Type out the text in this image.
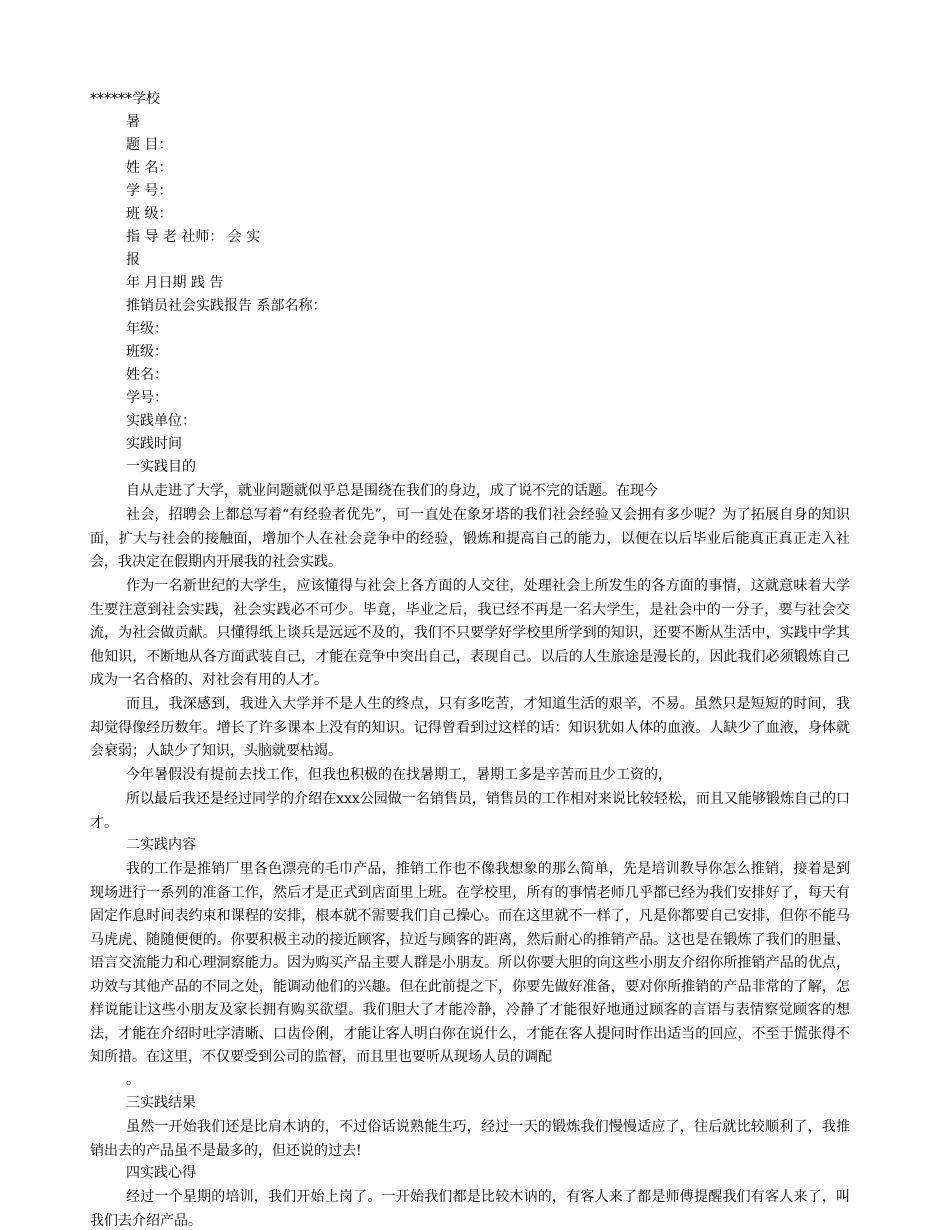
******学校
暑
题 目：
姓 名：
学 号：
班 级：
指 导 老 社师： 会 实
报
年 月日期 践 告
推销员社会实践报告 系部名称：
年级：
班级：
姓名：
学号：
实践单位：
实践时间
一实践目的

自从走进了大学，就业问题就似乎总是围绕在我们的身边，成了说不完的话题。在现今

社会，招聘会上都总写着“有经验者优先”，可一直处在象牙塔的我们社会经验又会拥有多少呢？为了拓展自身的知识面，扩大与社会的接触面，增加个人在社会竞争中的经验，锻炼和提高自己的能力，以便在以后毕业后能真正真正走入社会，我决定在假期内开展我的社会实践。

作为一名新世纪的大学生，应该懂得与社会上各方面的人交往，处理社会上所发生的各方面的事情，这就意味着大学生要注意到社会实践，社会实践必不可少。毕竟，毕业之后，我已经不再是一名大学生，是社会中的一分子，要与社会交流，为社会做贡献。只懂得纸上谈兵是远远不及的，我们不只要学好学校里所学到的知识，还要不断从生活中，实践中学其他知识，不断地从各方面武装自己，才能在竞争中突出自己，表现自己。以后的人生旅途是漫长的，因此我们必须锻炼自己成为一名合格的、对社会有用的人才。

而且，我深感到，我进入大学并不是人生的终点，只有多吃苦，才知道生活的艰辛，不易。虽然只是短短的时间，我却觉得像经历数年。增长了许多课本上没有的知识。记得曾看到过这样的话：知识犹如人体的血液。人缺少了血液，身体就会衰弱；人缺少了知识，头脑就要枯竭。

今年暑假没有提前去找工作，但我也积极的在找暑期工，暑期工多是辛苦而且少工资的，

所以最后我还是经过同学的介绍在xxx公园做一名销售员，销售员的工作相对来说比较轻松，而且又能够锻炼自己的口才。

二实践内容

我的工作是推销厂里各色漂亮的毛巾产品，推销工作也不像我想象的那么简单，先是培训教导你怎么推销，接着是到现场进行一系列的准备工作，然后才是正式到店面里上班。在学校里，所有的事情老师几乎都已经为我们安排好了，每天有固定作息时间表约束和课程的安排，根本就不需要我们自己操心。而在这里就不一样了，凡是你都要自己安排，但你不能马马虎虎、随随便便的。你要积极主动的接近顾客，拉近与顾客的距离，然后耐心的推销产品。这也是在锻炼了我们的胆量、语言交流能力和心理洞察能力。因为购买产品主要人群是小朋友。所以你要大胆的向这些小朋友介绍你所推销产品的优点，功效与其他产品的不同之处，能调动他们的兴趣。但在此前提之下，你要先做好准备，要对你所推销的产品非常的了解，怎样说能让这些小朋友及家长拥有购买欲望。我们胆大了才能冷静，冷静了才能很好地通过顾客的言语与表情察觉顾客的想法，才能在介绍时吐字清晰、口齿伶俐，才能让客人明白你在说什么，才能在客人提问时作出适当的回应，不至于慌张得不知所措。在这里，不仅要受到公司的监督，而且里也要听从现场人员的调配

。
三实践结果

虽然一开始我们还是比肩木讷的，不过俗话说熟能生巧，经过一天的锻炼我们慢慢适应了，往后就比较顺利了，我推销出去的产品虽不是最多的，但还说的过去!

四实践心得

经过一个星期的培训，我们开始上岗了。一开始我们都是比较木讷的，有客人来了都是师傅提醒我们有客人来了，叫我们去介绍产品。
